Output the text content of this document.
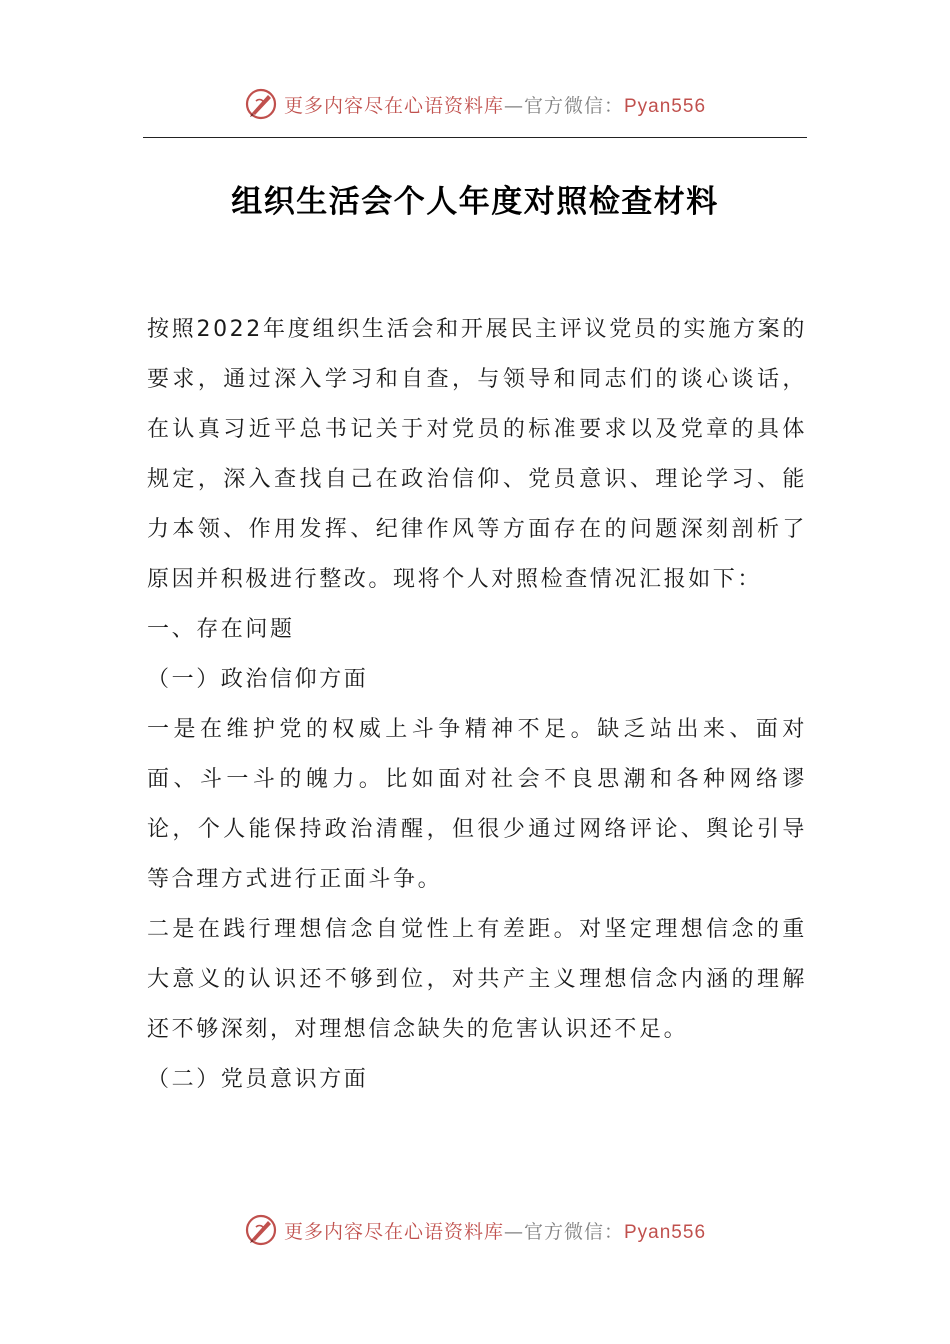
更多内容尽在心语资料库—官方微信：Pyan556
组织生活会个人年度对照检查材料

按照2022年度组织生活会和开展民主评议党员的实施方案的要求，通过深入学习和自查，与领导和同志们的谈心谈话，在认真习近平总书记关于对党员的标准要求以及党章的具体规定，深入查找自己在政治信仰、党员意识、理论学习、能力本领、作用发挥、纪律作风等方面存在的问题深刻剖析了原因并积极进行整改。现将个人对照检查情况汇报如下：

一、存在问题

（一）政治信仰方面

一是在维护党的权威上斗争精神不足。缺乏站出来、面对面、斗一斗的魄力。比如面对社会不良思潮和各种网络谬论，个人能保持政治清醒，但很少通过网络评论、舆论引导等合理方式进行正面斗争。

二是在践行理想信念自觉性上有差距。对坚定理想信念的重大意义的认识还不够到位，对共产主义理想信念内涵的理解还不够深刻，对理想信念缺失的危害认识还不足。

（二）党员意识方面

更多内容尽在心语资料库—官方微信：Pyan556
